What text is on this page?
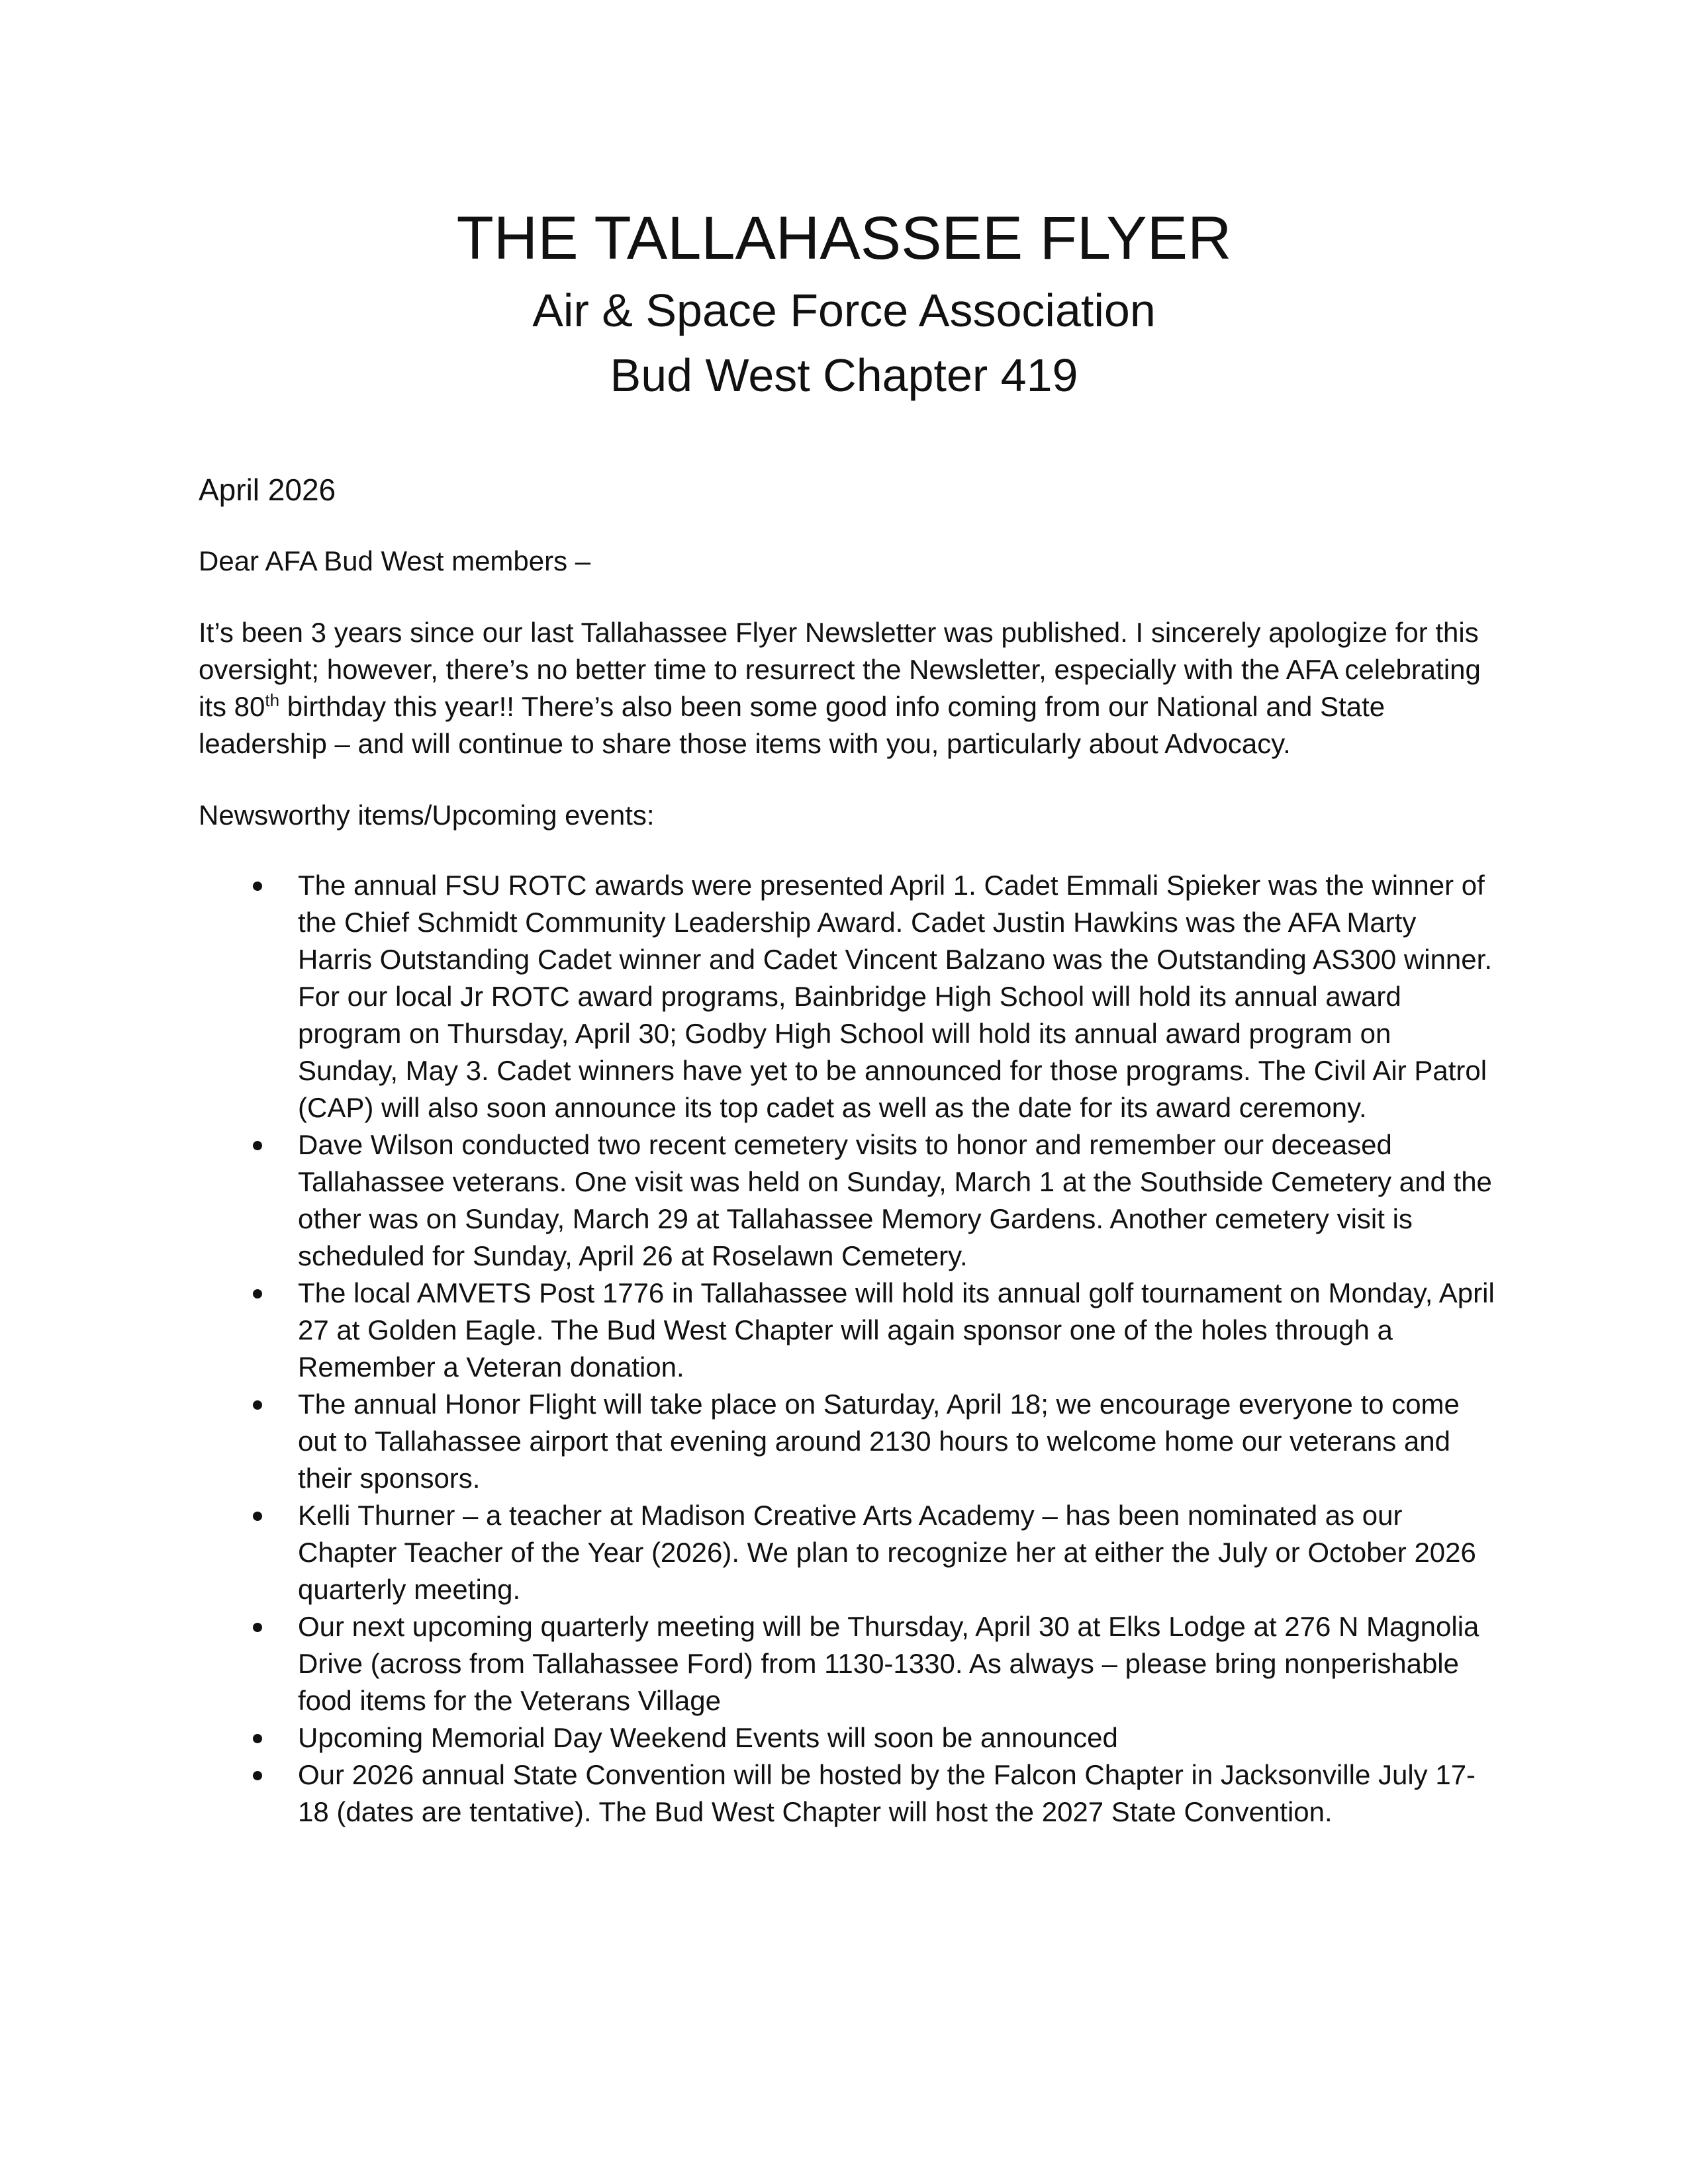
THE TALLAHASSEE FLYER
Air & Space Force Association
Bud West Chapter 419
April 2026
Dear AFA Bud West members –
It’s been 3 years since our last Tallahassee Flyer Newsletter was published. I sincerely apologize for this oversight; however, there’s no better time to resurrect the Newsletter, especially with the AFA celebrating its 80th birthday this year!! There’s also been some good info coming from our National and State leadership – and will continue to share those items with you, particularly about Advocacy.
Newsworthy items/Upcoming events:
The annual FSU ROTC awards were presented April 1. Cadet Emmali Spieker was the winner of the Chief Schmidt Community Leadership Award. Cadet Justin Hawkins was the AFA Marty Harris Outstanding Cadet winner and Cadet Vincent Balzano was the Outstanding AS300 winner. For our local Jr ROTC award programs, Bainbridge High School will hold its annual award program on Thursday, April 30; Godby High School will hold its annual award program on Sunday, May 3. Cadet winners have yet to be announced for those programs. The Civil Air Patrol (CAP) will also soon announce its top cadet as well as the date for its award ceremony.
Dave Wilson conducted two recent cemetery visits to honor and remember our deceased Tallahassee veterans. One visit was held on Sunday, March 1 at the Southside Cemetery and the other was on Sunday, March 29 at Tallahassee Memory Gardens. Another cemetery visit is scheduled for Sunday, April 26 at Roselawn Cemetery.
The local AMVETS Post 1776 in Tallahassee will hold its annual golf tournament on Monday, April 27 at Golden Eagle. The Bud West Chapter will again sponsor one of the holes through a Remember a Veteran donation.
The annual Honor Flight will take place on Saturday, April 18; we encourage everyone to come out to Tallahassee airport that evening around 2130 hours to welcome home our veterans and their sponsors.
Kelli Thurner – a teacher at Madison Creative Arts Academy – has been nominated as our Chapter Teacher of the Year (2026). We plan to recognize her at either the July or October 2026 quarterly meeting.
Our next upcoming quarterly meeting will be Thursday, April 30 at Elks Lodge at 276 N Magnolia Drive (across from Tallahassee Ford) from 1130-1330. As always – please bring nonperishable food items for the Veterans Village
Upcoming Memorial Day Weekend Events will soon be announced
Our 2026 annual State Convention will be hosted by the Falcon Chapter in Jacksonville July 17-18 (dates are tentative). The Bud West Chapter will host the 2027 State Convention.
